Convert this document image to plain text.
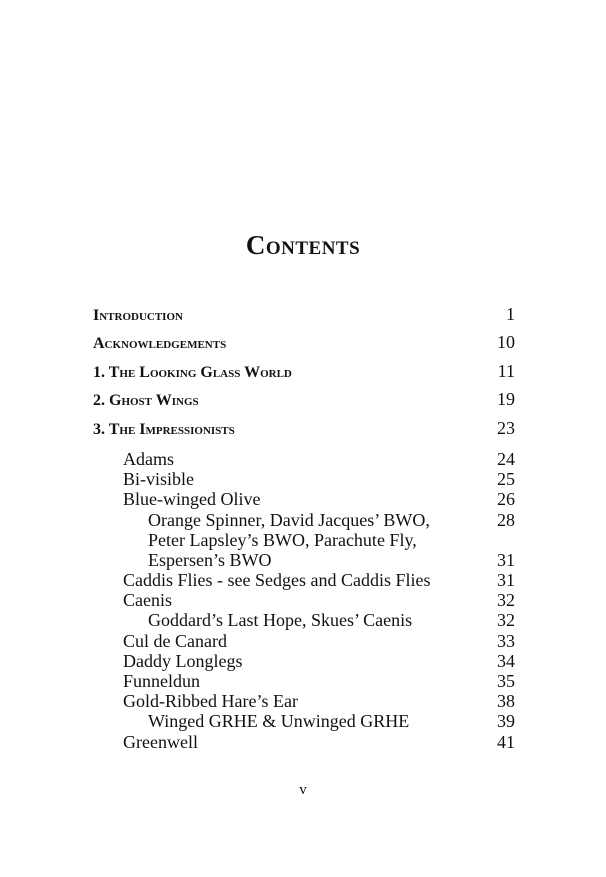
Contents
Introduction	1
Acknowledgements	10
1. The Looking Glass World	11
2. Ghost Wings	19
3. The Impressionists	23
Adams	24
Bi-visible	25
Blue-winged Olive	26
Orange Spinner, David Jacques’ BWO,	28
Peter Lapsley’s BWO, Parachute Fly,
Espersen’s BWO	31
Caddis Flies - see Sedges and Caddis Flies	31
Caenis	32
Goddard’s Last Hope, Skues’ Caenis	32
Cul de Canard	33
Daddy Longlegs	34
Funneldun	35
Gold-Ribbed Hare’s Ear	38
Winged GRHE & Unwinged GRHE	39
Greenwell	41
v
